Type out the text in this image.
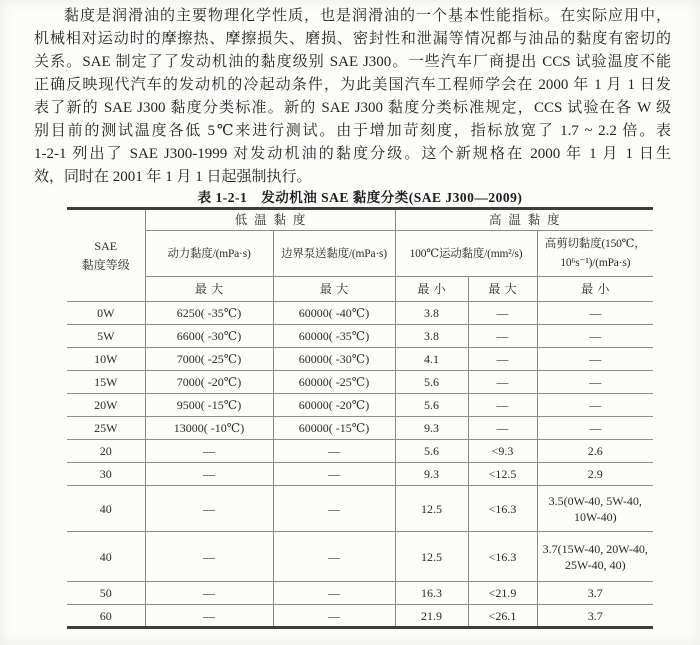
黏度是润滑油的主要物理化学性质，也是润滑油的一个基本性能指标。在实际应用中，
机械相对运动时的摩擦热、摩擦损失、磨损、密封性和泄漏等情况都与油品的黏度有密切的
关系。SAE 制定了了发动机油的黏度级别 SAE J300。一些汽车厂商提出 CCS 试验温度不能
正确反映现代汽车的发动机的冷起动条件，为此美国汽车工程师学会在 2000 年 1 月 1 日发
表了新的 SAE J300 黏度分类标准。新的 SAE J300 黏度分类标准规定，CCS 试验在各 W 级
别目前的测试温度各低 5℃来进行测试。由于增加苛刻度，指标放宽了 1.7 ~ 2.2 倍。表
1-2-1 列出了 SAE J300-1999 对发动机油的黏度分级。这个新规格在 2000 年 1 月 1 日生
效，同时在 2001 年 1 月 1 日起强制执行。
表 1-2-1　发动机油 SAE 黏度分类(SAE J300—2009)
SAE
黏度等级	低温黏度		高温黏度		
	动力黏度/(mPa·s)	边界泵送黏度/(mPa·s)	100℃运动黏度/(mm²/s)		高剪切黏度(150℃，10⁶s⁻¹)/(mPa·s)
	最大	最大	最小	最大	最小
0W	6250( -35℃)	60000( -40℃)	3.8	—	—
5W	6600( -30℃)	60000( -35℃)	3.8	—	—
10W	7000( -25℃)	60000( -30℃)	4.1	—	—
15W	7000( -20℃)	60000( -25℃)	5.6	—	—
20W	9500( -15℃)	60000( -20℃)	5.6	—	—
25W	13000( -10℃)	60000( -15℃)	9.3	—	—
20	—	—	5.6	<9.3	2.6
30	—	—	9.3	<12.5	2.9
40	—	—	12.5	<16.3	3.5(0W-40, 5W-40, 10W-40)
40	—	—	12.5	<16.3	3.7(15W-40, 20W-40, 25W-40, 40)
50	—	—	16.3	<21.9	3.7
60	—	—	21.9	<26.1	3.7
